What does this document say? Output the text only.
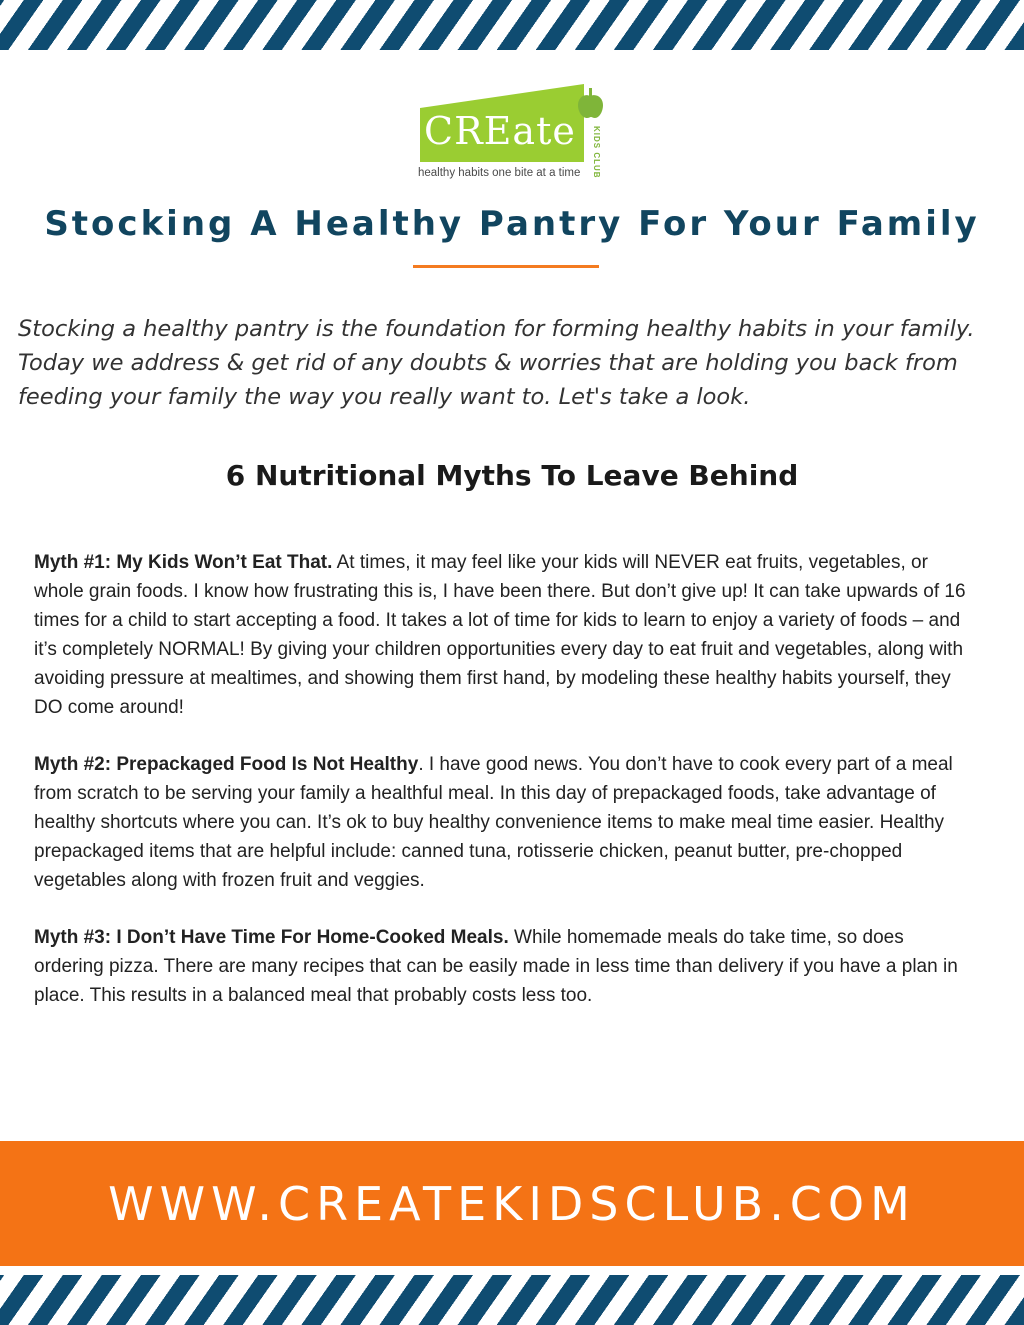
CREate KIDS CLUB
healthy habits one bite at a time
Stocking A Healthy Pantry For Your Family

Stocking a healthy pantry is the foundation for forming healthy habits in your family. Today we address & get rid of any doubts & worries that are holding you back from feeding your family the way you really want to. Let's take a look.

6 Nutritional Myths To Leave Behind

Myth #1: My Kids Won’t Eat That. At times, it may feel like your kids will NEVER eat fruits, vegetables, or whole grain foods. I know how frustrating this is, I have been there. But don’t give up! It can take upwards of 16 times for a child to start accepting a food. It takes a lot of time for kids to learn to enjoy a variety of foods – and it’s completely NORMAL! By giving your children opportunities every day to eat fruit and vegetables, along with avoiding pressure at mealtimes, and showing them first hand, by modeling these healthy habits yourself, they DO come around!

Myth #2: Prepackaged Food Is Not Healthy. I have good news. You don’t have to cook every part of a meal from scratch to be serving your family a healthful meal. In this day of prepackaged foods, take advantage of healthy shortcuts where you can. It’s ok to buy healthy convenience items to make meal time easier. Healthy prepackaged items that are helpful include: canned tuna, rotisserie chicken, peanut butter, pre-chopped vegetables along with frozen fruit and veggies.

Myth #3: I Don’t Have Time For Home-Cooked Meals. While homemade meals do take time, so does ordering pizza. There are many recipes that can be easily made in less time than delivery if you have a plan in place. This results in a balanced meal that probably costs less too.

WWW.CREATEKIDSCLUB.COM
